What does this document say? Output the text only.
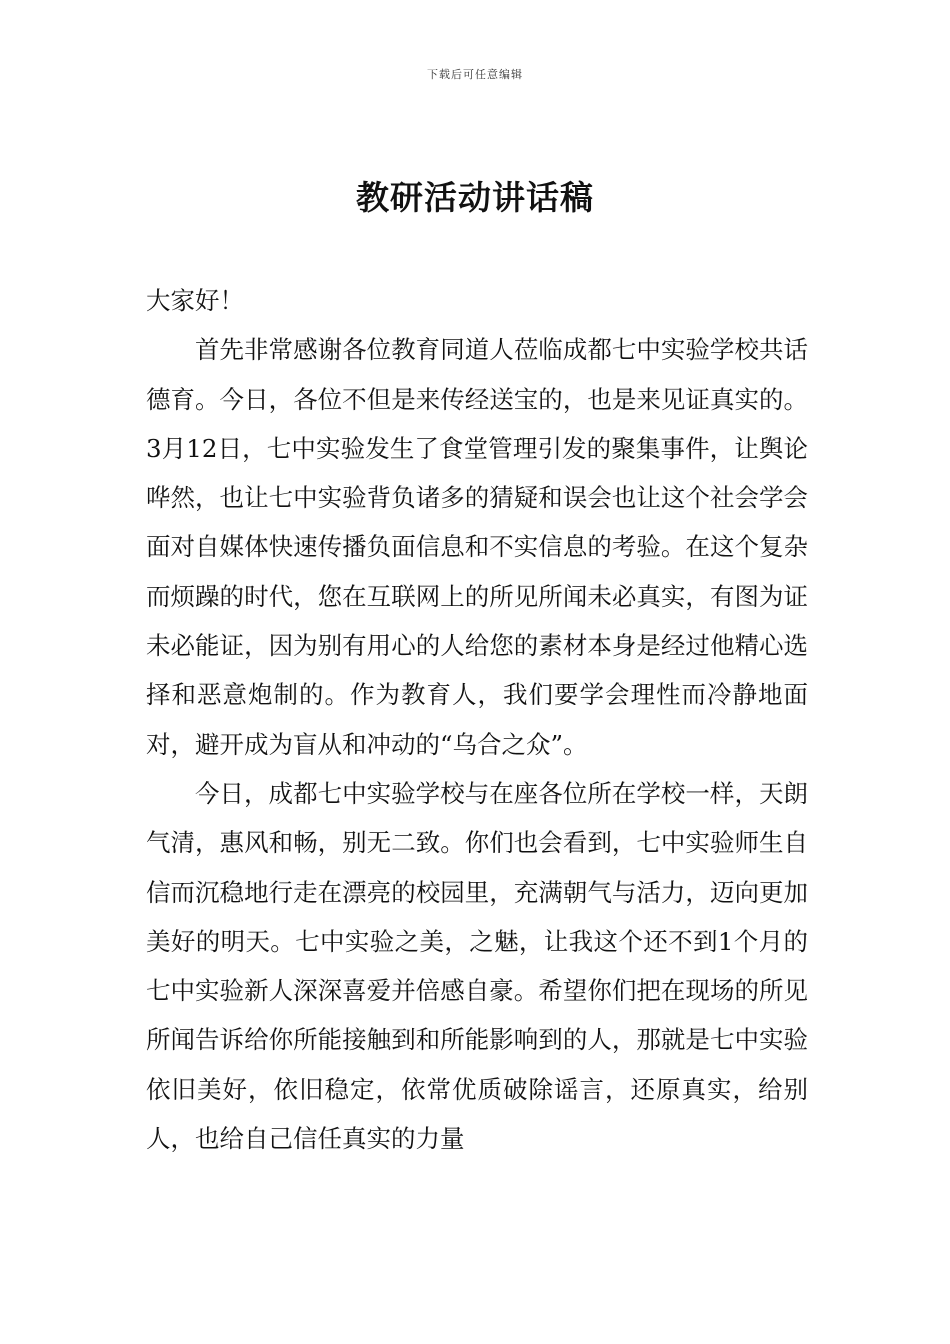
下载后可任意编辑
教研活动讲话稿

大家好！

首先非常感谢各位教育同道人莅临成都七中实验学校共话德育。今日，各位不但是来传经送宝的，也是来见证真实的。3月12日，七中实验发生了食堂管理引发的聚集事件，让舆论哗然，也让七中实验背负诸多的猜疑和误会也让这个社会学会面对自媒体快速传播负面信息和不实信息的考验。在这个复杂而烦躁的时代，您在互联网上的所见所闻未必真实，有图为证未必能证，因为别有用心的人给您的素材本身是经过他精心选择和恶意炮制的。作为教育人，我们要学会理性而冷静地面对，避开成为盲从和冲动的“乌合之众”。

今日，成都七中实验学校与在座各位所在学校一样，天朗气清，惠风和畅，别无二致。你们也会看到，七中实验师生自信而沉稳地行走在漂亮的校园里，充满朝气与活力，迈向更加美好的明天。七中实验之美，之魅，让我这个还不到1个月的七中实验新人深深喜爱并倍感自豪。希望你们把在现场的所见所闻告诉给你所能接触到和所能影响到的人，那就是七中实验依旧美好，依旧稳定，依常优质破除谣言，还原真实，给别人，也给自己信任真实的力量
